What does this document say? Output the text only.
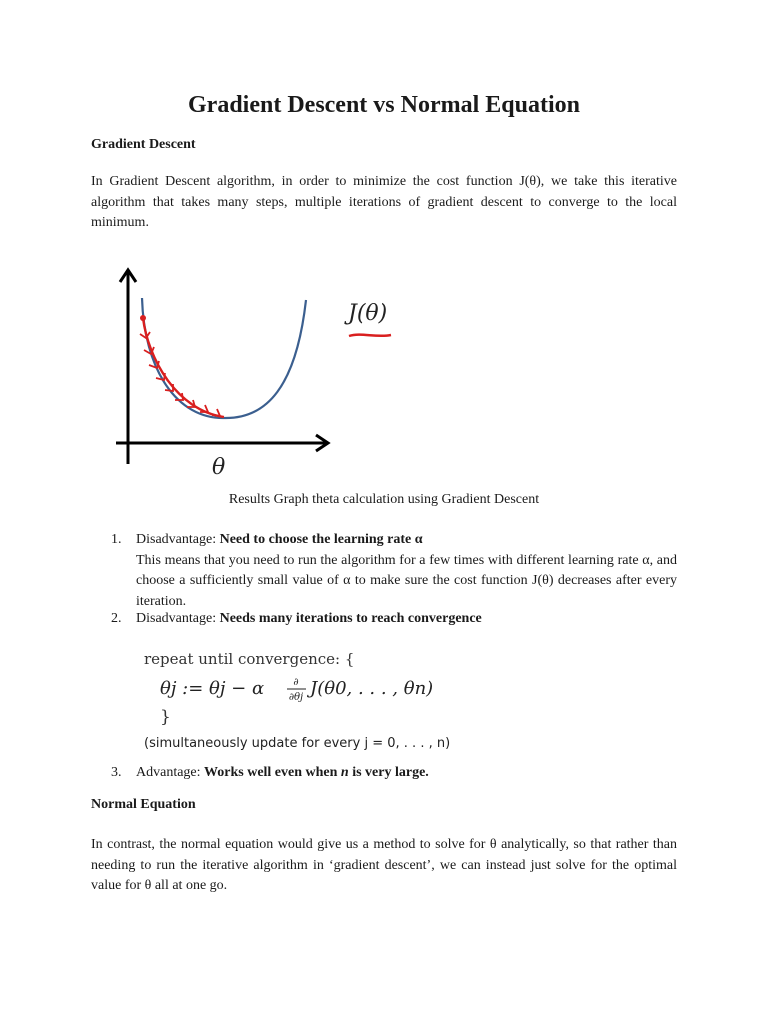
Gradient Descent vs Normal Equation
Gradient Descent
In Gradient Descent algorithm, in order to minimize the cost function J(θ), we take this iterative algorithm that takes many steps, multiple iterations of gradient descent to converge to the local minimum.
J(θ)
θ
Results Graph theta calculation using Gradient Descent
1. Disadvantage: Need to choose the learning rate α
This means that you need to run the algorithm for a few times with different learning rate α, and choose a sufficiently small value of α to make sure the cost function J(θ) decreases after every iteration.
2. Disadvantage: Needs many iterations to reach convergence
repeat until convergence: {
θj := θj − α	∂
∂θj J(θ0, . . . , θn)
}
(simultaneously update for every j = 0, . . . , n)
3. Advantage: Works well even when n is very large.
Normal Equation
In contrast, the normal equation would give us a method to solve for θ analytically, so that rather than needing to run the iterative algorithm in ‘gradient descent’, we can instead just solve for the optimal value for θ all at one go.
